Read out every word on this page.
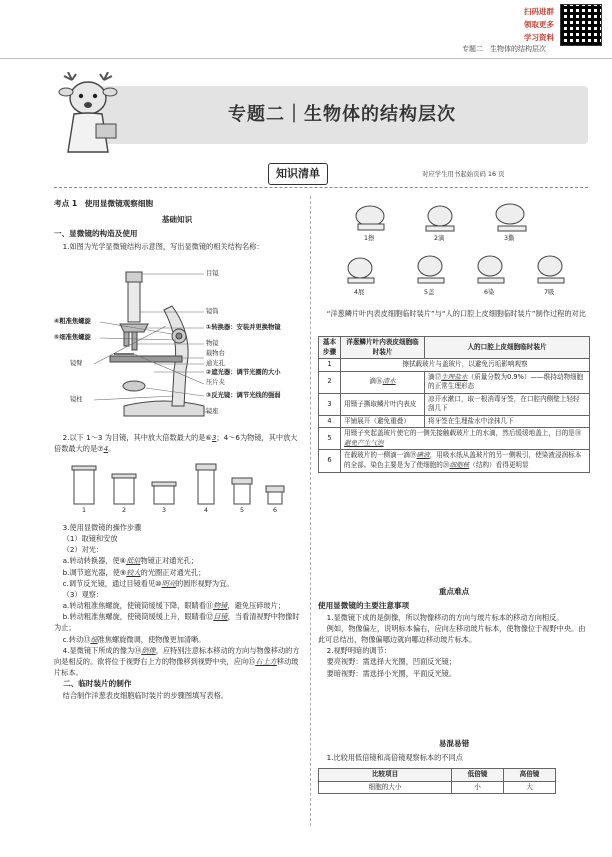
扫码进群
领取更多
学习资料
专题二　生物体的结构层次
专题二｜生物体的结构层次
知识清单	对应学生用书起始页码 16 页
考点 1　使用显微镜观察细胞
基础知识
一、显微镜的构造及使用
1.如图为光学显微镜结构示意图，写出显微镜的相关结构名称：
目镜
镜筒
①转换器：安装并更换物镜
物镜
载物台
通光孔
②遮光器：调节光圈的大小
压片夹
③反光镜：调节光线的强弱
镜座
④粗准焦螺旋
⑤细准焦螺旋
镜臂
镜柱
2.以下 1～3 为目镜，其中放大倍数最大的是⑥3；4～6为物镜，其中放大倍数最大的是⑦4。
1	2	3	4	5	6
3.使用显微镜的操作步骤
（1）取镜和安放
（2）对光：
a.转动转换器，使⑧低倍物镜正对通光孔；
b.调节遮光器，使⑨较大的光圈正对通光孔；
c.调节反光镜，通过目镜看见⑩明亮的圆形视野为宜。
（3）观察：
a.转动粗准焦螺旋，使镜筒缓缓下降，眼睛看⑪物镜，避免压碎玻片；
b.转动粗准焦螺旋，使镜筒缓缓上升，眼睛看⑫目镜，当看清视野中物像时为止；
c.转动⑬细准焦螺旋微调，使物像更加清晰。
4.显微镜下所成的像为⑭倒像，应特别注意标本移动的方向与物像移动的方向是相反的。欲将位于视野右上方的物像移到视野中央，应向⑮右上方移动玻片标本。
二、临时装片的制作
结合制作洋葱表皮细胞临时装片的步骤图填写表格。
1擦	2滴	3撕
4展	5盖	6染	7吸
“洋葱鳞片叶内表皮细胞临时装片”与“人的口腔上皮细胞临时装片”制作过程的对比
基本步骤	洋葱鳞片叶内表皮细胞临时装片	人的口腔上皮细胞临时装片
1	擦拭载玻片与盖玻片，以避免污垢影响观察	
2	滴⑯清水	滴⑰生理盐水（质量分数为0.9%）——维持动物细胞的正常生理形态
3	用镊子撕取鳞片叶内表皮	凉开水漱口，取一根消毒牙签，在口腔内侧壁上轻轻刮几下
4	平铺展开（避免重叠）	将牙签在生理盐水中涂抹几下
5	用镊子夹起盖玻片使它的一侧先接触载玻片上的水滴，然后缓缓地盖上，目的是⑱避免产生气泡	
6	在载玻片的一侧滴一滴⑲碘液，用吸水纸从盖玻片的另一侧吸引，使染液浸润标本的全部。染色主要是为了使细胞的⑳细胞核（结构）看得更明显	
重点难点
使用显微镜的主要注意事项
1.显微镜下成的是倒像，所以物像移动的方向与玻片标本的移动方向相反。
例如，物像偏左，说明标本偏右，应向左移动玻片标本，使物像位于视野中央。由此可总结出，物像偏哪边就向哪边移动玻片标本。
2.视野明暗的调节：
要亮视野：需选择大光圈，凹面反光镜；
要暗视野：需选择小光圈，平面反光镜。
易混易错
1.比较用低倍镜和高倍镜观察标本的不同点
比较项目	低倍镜	高倍镜
细胞的大小	小	大
